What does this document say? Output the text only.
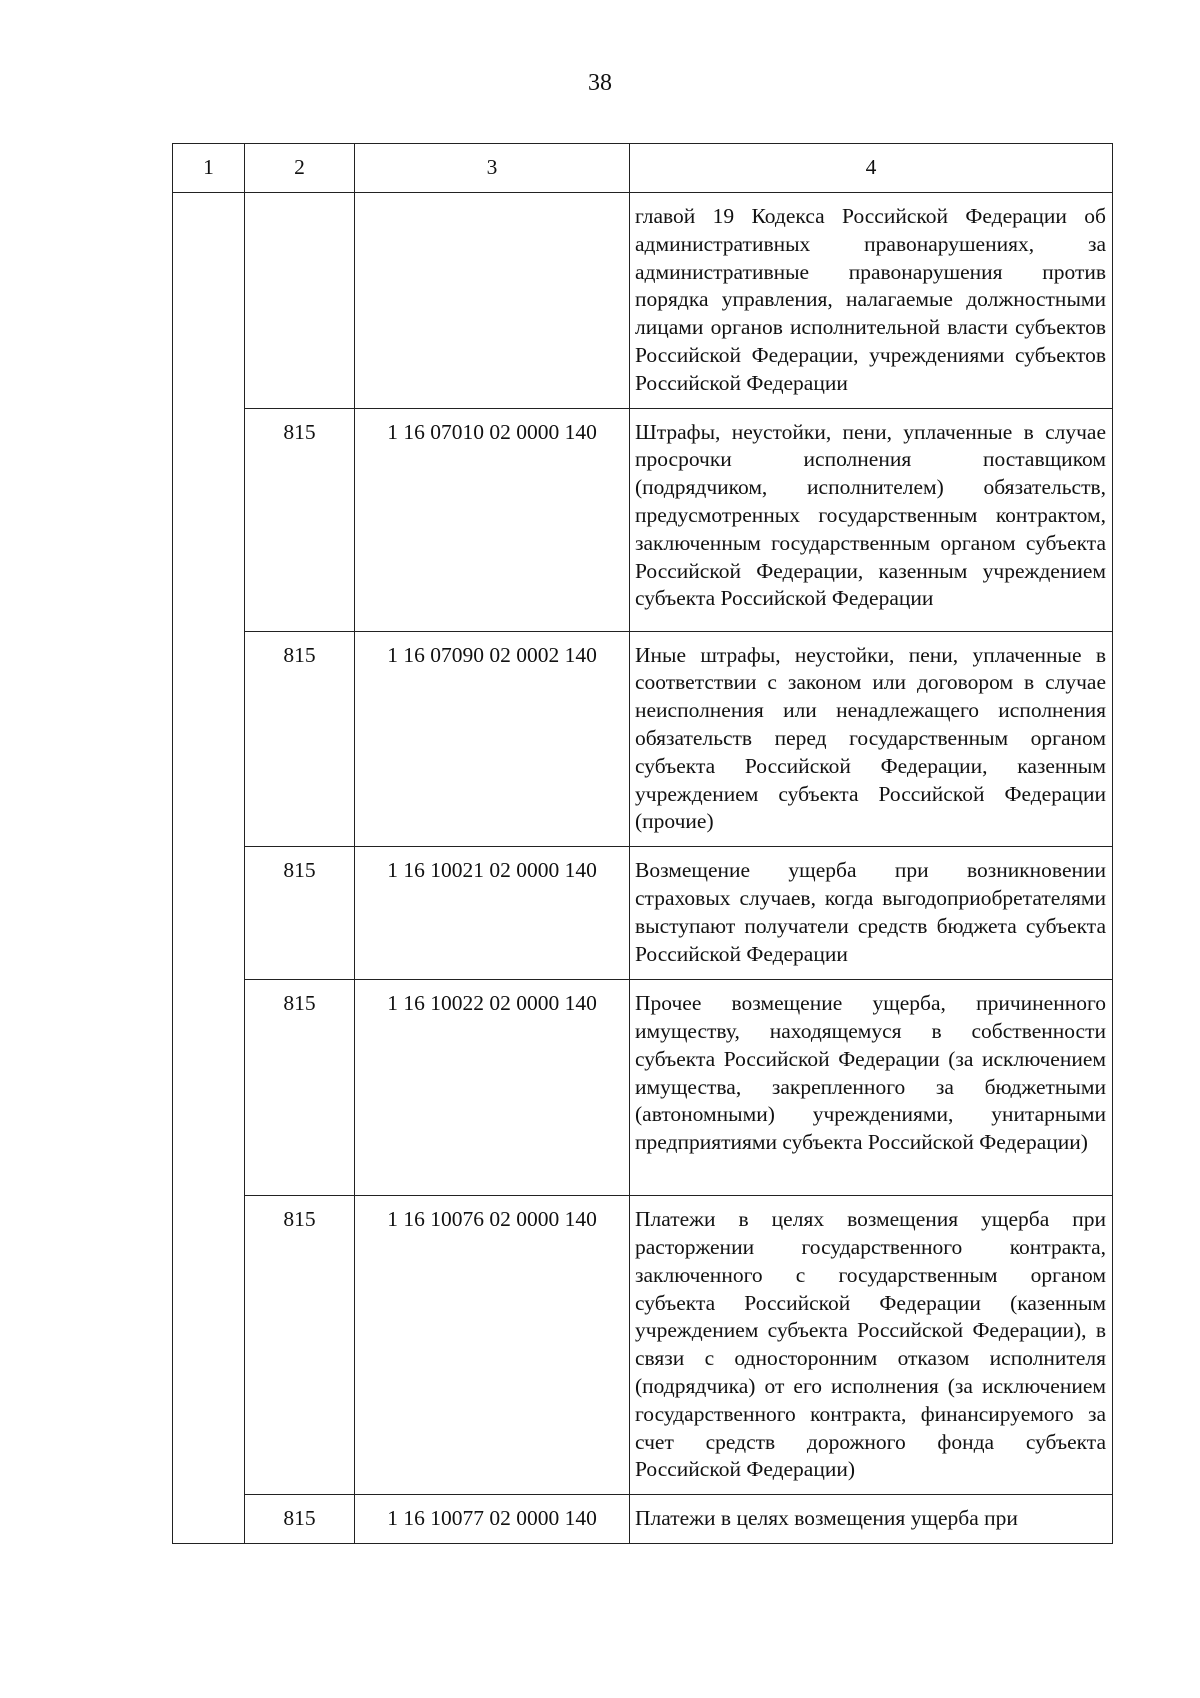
38
1	2	3	4
			главой 19 Кодекса Российской Федерации об административных правонарушениях, за административные правонарушения против порядка управления, налагаемые должностными лицами органов исполнительной власти субъектов Российской Федерации, учреждениями субъектов Российской Федерации
	815	1 16 07010 02 0000 140	Штрафы, неустойки, пени, уплаченные в случае просрочки исполнения поставщиком (подрядчиком, исполнителем) обязательств, предусмотренных государственным контрактом, заключенным государственным органом субъекта Российской Федерации, казенным учреждением субъекта Российской Федерации
	815	1 16 07090 02 0002 140	Иные штрафы, неустойки, пени, уплаченные в соответствии с законом или договором в случае неисполнения или ненадлежащего исполнения обязательств перед государственным органом субъекта Российской Федерации, казенным учреждением субъекта Российской Федерации (прочие)
	815	1 16 10021 02 0000 140	Возмещение ущерба при возникновении страховых случаев, когда выгодоприобретателями выступают получатели средств бюджета субъекта Российской Федерации
	815	1 16 10022 02 0000 140	Прочее возмещение ущерба, причиненного имуществу, находящемуся в собственности субъекта Российской Федерации (за исключением имущества, закрепленного за бюджетными (автономными) учреждениями, унитарными предприятиями субъекта Российской Федерации)
	815	1 16 10076 02 0000 140	Платежи в целях возмещения ущерба при расторжении государственного контракта, заключенного с государственным органом субъекта Российской Федерации (казенным учреждением субъекта Российской Федерации), в связи с односторонним отказом исполнителя (подрядчика) от его исполнения (за исключением государственного контракта, финансируемого за счет средств дорожного фонда субъекта Российской Федерации)
	815	1 16 10077 02 0000 140	Платежи в целях возмещения ущерба при
